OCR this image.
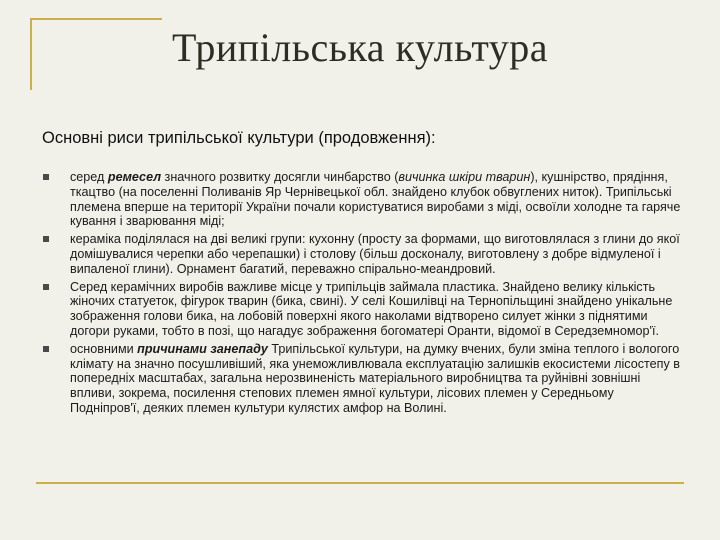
Трипільська культура
Основні риси трипільської культури (продовження):
серед ремесел значного розвитку досягли чинбарство (вичинка шкіри тварин), кушнірство, прядіння, ткацтво (на поселенні Поливанів Яр Чернівецької обл. знайдено клубок обвуглених ниток). Трипільські племена вперше на території України почали користуватися виробами з міді, освоїли холодне та гаряче кування і зварювання міді;
кераміка поділялася на дві великі групи: кухонну (просту за формами, що виготовлялася з глини до якої домішувалися черепки або черепашки) і столову (більш досконалу, виготовлену з добре відмуленої і випаленої глини). Орнамент багатий, переважно спірально-меандровий.
Серед керамічних виробів важливе місце у трипільців займала пластика. Знайдено велику кількість жіночих статуеток, фігурок тварин (бика, свині). У селі Кошилівці на Тернопільщині знайдено унікальне зображення голови бика, на лобовій поверхні якого наколами відтворено силует жінки з піднятими догори руками, тобто в позі, що нагадує зображення богоматері Оранти, відомої в Середземномор'ї.
основними причинами занепаду Трипільської культури, на думку вчених, були зміна теплого і вологого клімату на значно посушливіший, яка унеможливлювала експлуатацію залишків екосистеми лісостепу в попередніх масштабах, загальна нерозвиненість матеріального виробництва та руйнівні зовнішні впливи, зокрема, посилення степових племен ямної культури, лісових племен у Середньому Подніпров'ї, деяких племен культури кулястих амфор на Волині.
